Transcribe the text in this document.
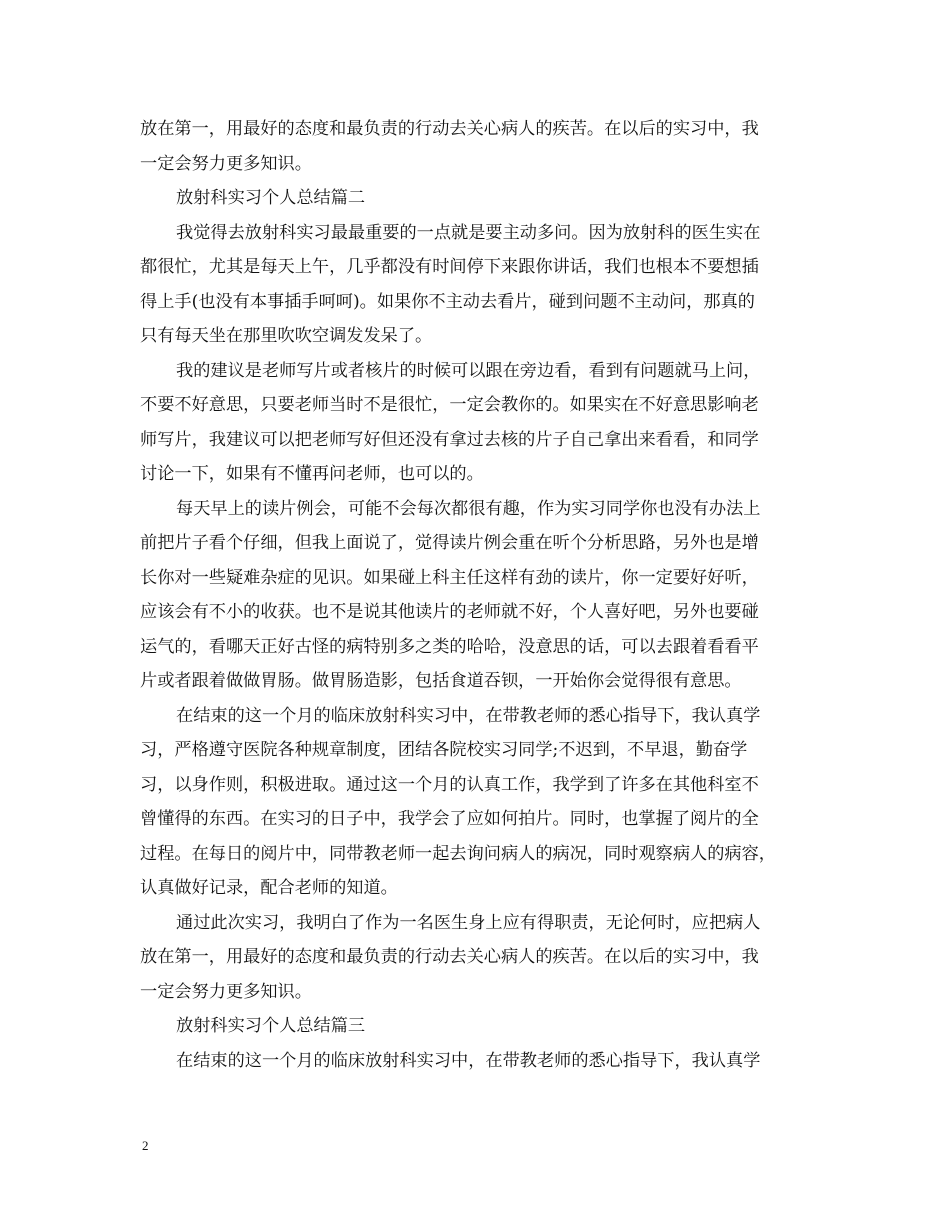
放在第一，用最好的态度和最负责的行动去关心病人的疾苦。在以后的实习中，我
一定会努力更多知识。
放射科实习个人总结篇二
我觉得去放射科实习最最重要的一点就是要主动多问。因为放射科的医生实在
都很忙，尤其是每天上午，几乎都没有时间停下来跟你讲话，我们也根本不要想插
得上手(也没有本事插手呵呵)。如果你不主动去看片，碰到问题不主动问，那真的
只有每天坐在那里吹吹空调发发呆了。
我的建议是老师写片或者核片的时候可以跟在旁边看，看到有问题就马上问，
不要不好意思，只要老师当时不是很忙，一定会教你的。如果实在不好意思影响老
师写片，我建议可以把老师写好但还没有拿过去核的片子自己拿出来看看，和同学
讨论一下，如果有不懂再问老师，也可以的。
每天早上的读片例会，可能不会每次都很有趣，作为实习同学你也没有办法上
前把片子看个仔细，但我上面说了，觉得读片例会重在听个分析思路，另外也是增
长你对一些疑难杂症的见识。如果碰上科主任这样有劲的读片，你一定要好好听，
应该会有不小的收获。也不是说其他读片的老师就不好，个人喜好吧，另外也要碰
运气的，看哪天正好古怪的病特别多之类的哈哈，没意思的话，可以去跟着看看平
片或者跟着做做胃肠。做胃肠造影，包括食道吞钡，一开始你会觉得很有意思。
在结束的这一个月的临床放射科实习中，在带教老师的悉心指导下，我认真学
习，严格遵守医院各种规章制度，团结各院校实习同学;不迟到，不早退，勤奋学
习，以身作则，积极进取。通过这一个月的认真工作，我学到了许多在其他科室不
曾懂得的东西。在实习的日子中，我学会了应如何拍片。同时，也掌握了阅片的全
过程。在每日的阅片中，同带教老师一起去询问病人的病况，同时观察病人的病容，
认真做好记录，配合老师的知道。
通过此次实习，我明白了作为一名医生身上应有得职责，无论何时，应把病人
放在第一，用最好的态度和最负责的行动去关心病人的疾苦。在以后的实习中，我
一定会努力更多知识。
放射科实习个人总结篇三
在结束的这一个月的临床放射科实习中，在带教老师的悉心指导下，我认真学
2
